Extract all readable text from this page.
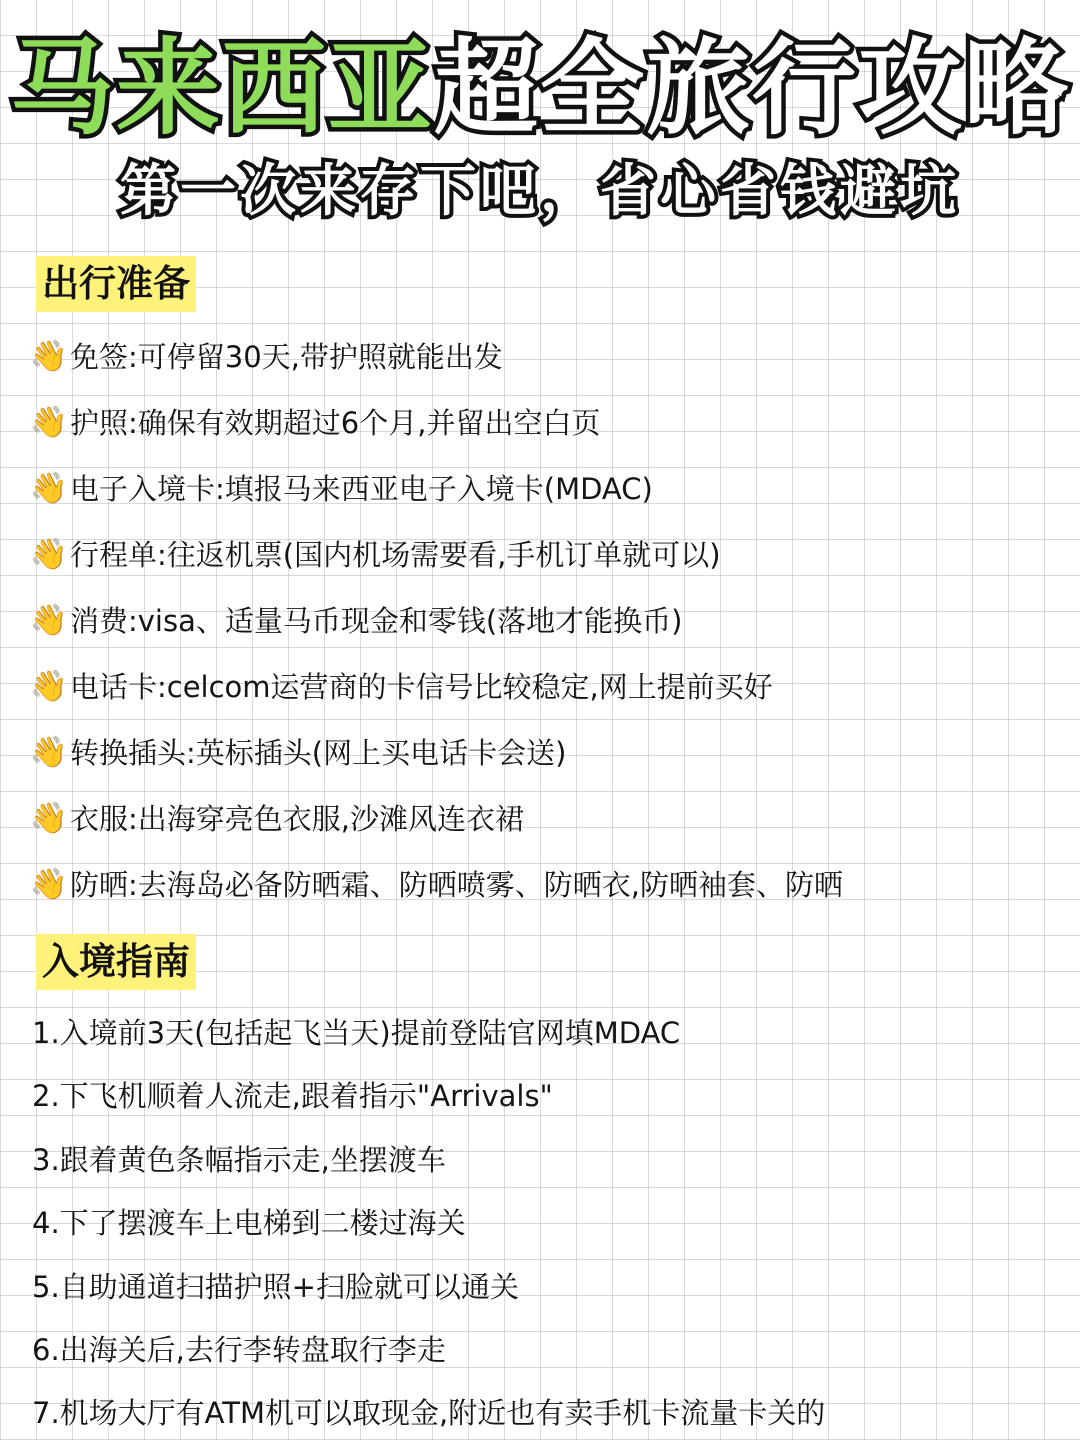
马来西亚超全旅行攻略
第一次来存下吧，省心省钱避坑
出行准备
👋 免签:可停留30天,带护照就能出发
👋 护照:确保有效期超过6个月,并留出空白页
👋 电子入境卡:填报马来西亚电子入境卡(MDAC)
👋 行程单:往返机票(国内机场需要看,手机订单就可以)
👋 消费:visa、适量马币现金和零钱(落地才能换币)
👋 电话卡:celcom运营商的卡信号比较稳定,网上提前买好
👋 转换插头:英标插头(网上买电话卡会送)
👋 衣服:出海穿亮色衣服,沙滩风连衣裙
👋 防晒:去海岛必备防晒霜、防晒喷雾、防晒衣,防晒袖套、防晒
入境指南
1.入境前3天(包括起飞当天)提前登陆官网填MDAC
2.下飞机顺着人流走,跟着指示"Arrivals"
3.跟着黄色条幅指示走,坐摆渡车
4.下了摆渡车上电梯到二楼过海关
5.自助通道扫描护照+扫脸就可以通关
6.出海关后,去行李转盘取行李走
7.机场大厅有ATM机可以取现金,附近也有卖手机卡流量卡关的
